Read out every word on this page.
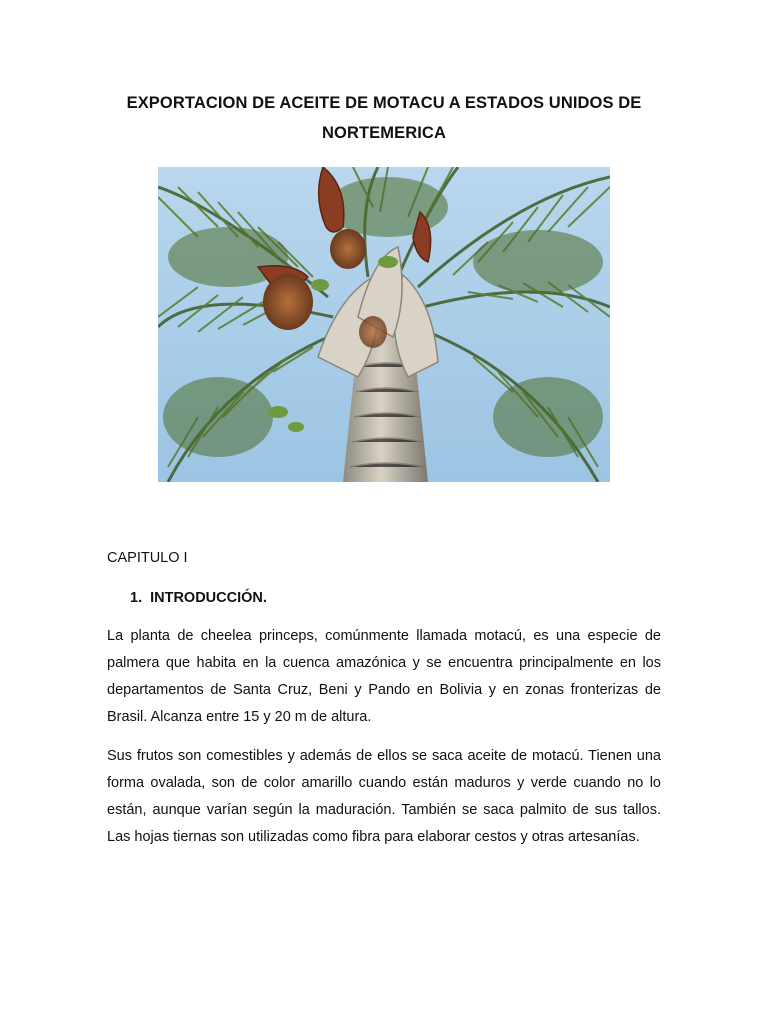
EXPORTACION DE ACEITE DE MOTACU A ESTADOS UNIDOS DE
NORTEMERICA
CAPITULO I
1. INTRODUCCIÓN.

La planta de cheelea princeps, comúnmente llamada motacú, es una especie de palmera que habita en la cuenca amazónica y se encuentra principalmente en los departamentos de Santa Cruz, Beni y Pando en Bolivia y en zonas fronterizas de Brasil. Alcanza entre 15 y 20 m de altura.

Sus frutos son comestibles y además de ellos se saca aceite de motacú. Tienen una forma ovalada, son de color amarillo cuando están maduros y verde cuando no lo están, aunque varían según la maduración. También se saca palmito de sus tallos. Las hojas tiernas son utilizadas como fibra para elaborar cestos y otras artesanías.
